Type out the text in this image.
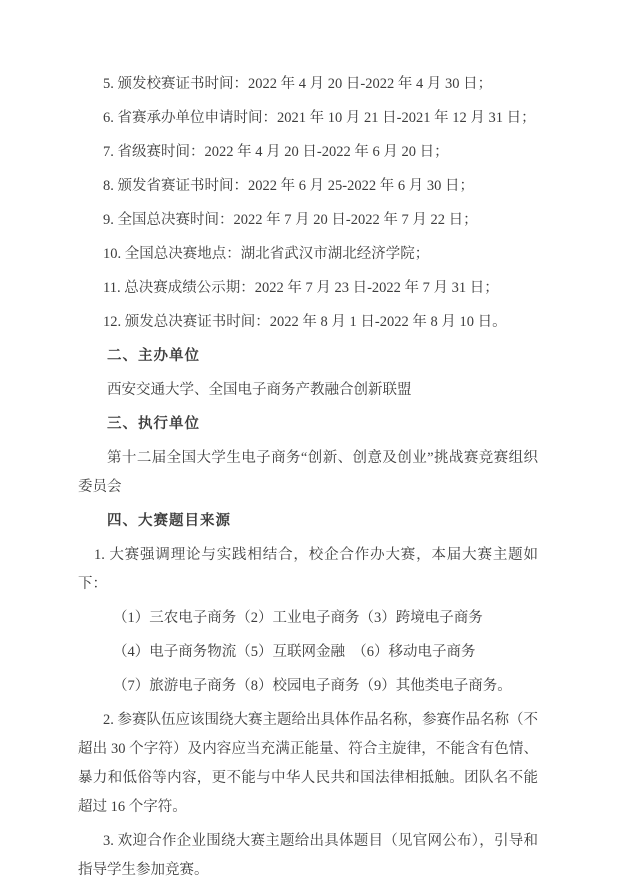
5. 颁发校赛证书时间：2022 年 4 月 20 日-2022 年 4 月 30 日；

6. 省赛承办单位申请时间：2021 年 10 月 21 日-2021 年 12 月 31 日；

7. 省级赛时间：2022 年 4 月 20 日-2022 年 6 月 20 日；

8. 颁发省赛证书时间：2022 年 6 月 25-2022 年 6 月 30 日；

9. 全国总决赛时间：2022 年 7 月 20 日-2022 年 7 月 22 日；

10. 全国总决赛地点：湖北省武汉市湖北经济学院；

11. 总决赛成绩公示期：2022 年 7 月 23 日-2022 年 7 月 31 日；

12. 颁发总决赛证书时间：2022 年 8 月 1 日-2022 年 8 月 10 日。

二、主办单位

西安交通大学、全国电子商务产教融合创新联盟

三、执行单位

第十二届全国大学生电子商务“创新、创意及创业”挑战赛竞赛组织委员会

四、大赛题目来源

1. 大赛强调理论与实践相结合，校企合作办大赛，本届大赛主题如下：

（1）三农电子商务（2）工业电子商务（3）跨境电子商务

（4）电子商务物流（5）互联网金融　（6）移动电子商务

（7）旅游电子商务（8）校园电子商务（9）其他类电子商务。

2. 参赛队伍应该围绕大赛主题给出具体作品名称，参赛作品名称（不超出 30 个字符）及内容应当充满正能量、符合主旋律，不能含有色情、暴力和低俗等内容，更不能与中华人民共和国法律相抵触。团队名不能超过 16 个字符。

3. 欢迎合作企业围绕大赛主题给出具体题目（见官网公布），引导和指导学生参加竞赛。
